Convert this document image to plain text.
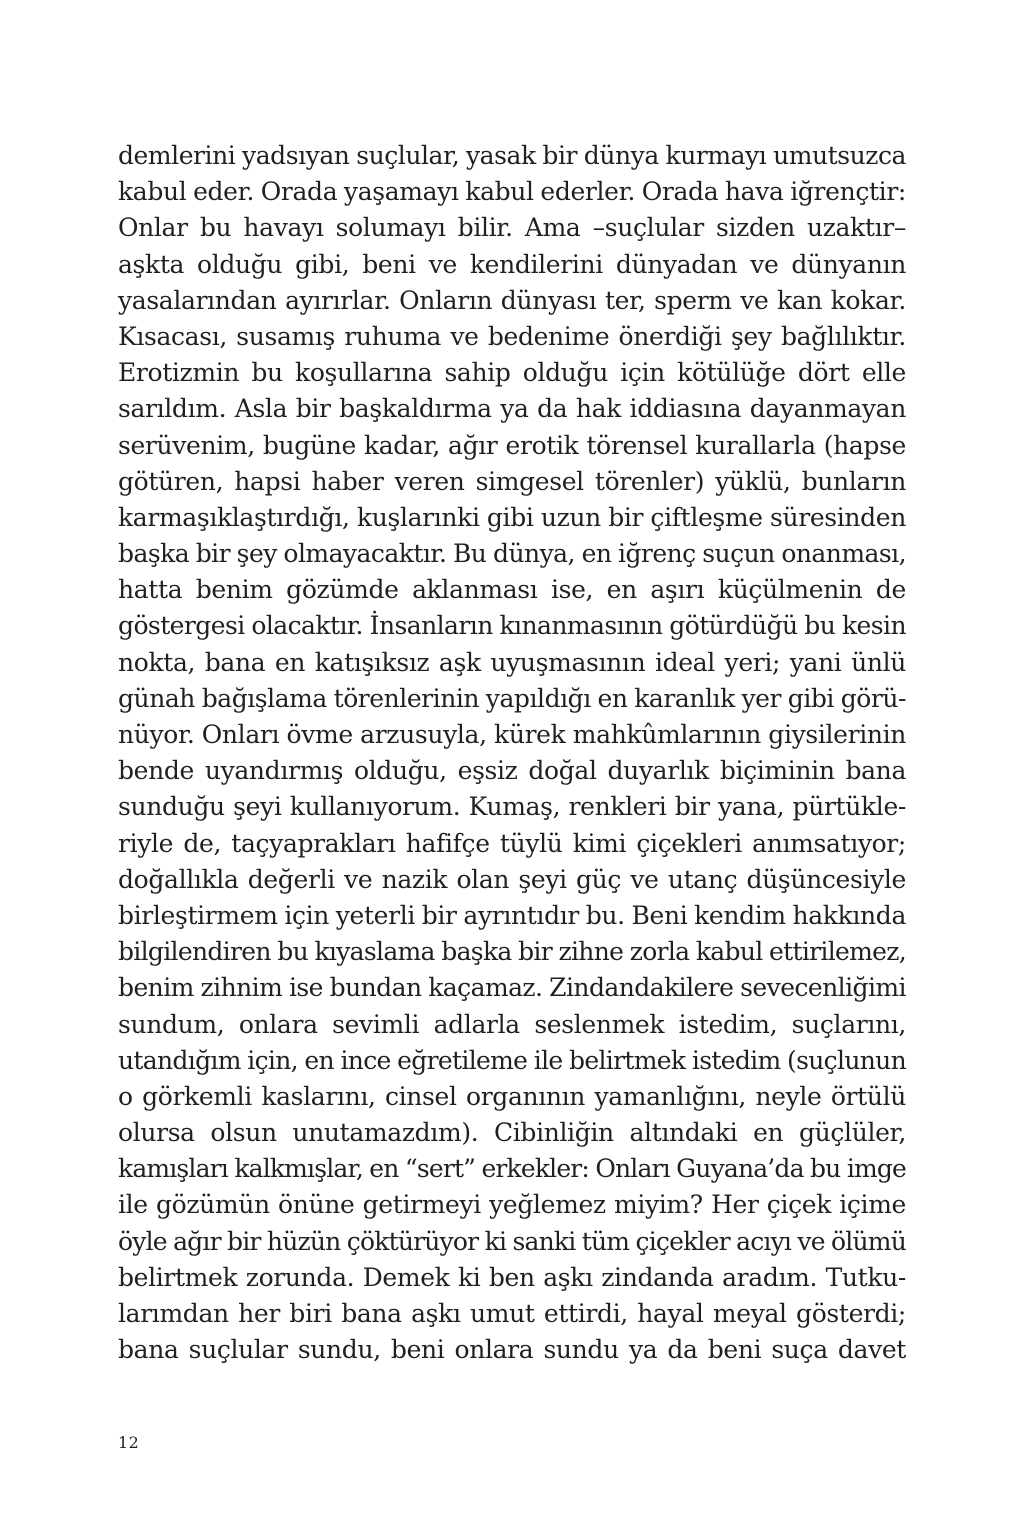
demlerini yadsıyan suçlular, yasak bir dünya kurmayı umutsuzca
kabul eder. Orada yaşamayı kabul ederler. Orada hava iğrençtir:
Onlar bu havayı solumayı bilir. Ama –suçlular sizden uzaktır–
aşkta olduğu gibi, beni ve kendilerini dünyadan ve dünyanın
yasalarından ayırırlar. Onların dünyası ter, sperm ve kan kokar.
Kısacası, susamış ruhuma ve bedenime önerdiği şey bağlılıktır.
Erotizmin bu koşullarına sahip olduğu için kötülüğe dört elle
sarıldım. Asla bir başkaldırma ya da hak iddiasına dayanmayan
serüvenim, bugüne kadar, ağır erotik törensel kurallarla (hapse
götüren, hapsi haber veren simgesel törenler) yüklü, bunların
karmaşıklaştırdığı, kuşlarınki gibi uzun bir çiftleşme süresinden
başka bir şey olmayacaktır. Bu dünya, en iğrenç suçun onanması,
hatta benim gözümde aklanması ise, en aşırı küçülmenin de
göstergesi olacaktır. İnsanların kınanmasının götürdüğü bu kesin
nokta, bana en katışıksız aşk uyuşmasının ideal yeri; yani ünlü
günah bağışlama törenlerinin yapıldığı en karanlık yer gibi görü-
nüyor. Onları övme arzusuyla, kürek mahkûmlarının giysilerinin
bende uyandırmış olduğu, eşsiz doğal duyarlık biçiminin bana
sunduğu şeyi kullanıyorum. Kumaş, renkleri bir yana, pürtükle-
riyle de, taçyaprakları hafifçe tüylü kimi çiçekleri anımsatıyor;
doğallıkla değerli ve nazik olan şeyi güç ve utanç düşüncesiyle
birleştirmem için yeterli bir ayrıntıdır bu. Beni kendim hakkında
bilgilendiren bu kıyaslama başka bir zihne zorla kabul ettirilemez,
benim zihnim ise bundan kaçamaz. Zindandakilere sevecenliğimi
sundum, onlara sevimli adlarla seslenmek istedim, suçlarını,
utandığım için, en ince eğretileme ile belirtmek istedim (suçlunun
o görkemli kaslarını, cinsel organının yamanlığını, neyle örtülü
olursa olsun unutamazdım). Cibinliğin altındaki en güçlüler,
kamışları kalkmışlar, en “sert” erkekler: Onları Guyana’da bu imge
ile gözümün önüne getirmeyi yeğlemez miyim? Her çiçek içime
öyle ağır bir hüzün çöktürüyor ki sanki tüm çiçekler acıyı ve ölümü
belirtmek zorunda. Demek ki ben aşkı zindanda aradım. Tutku-
larımdan her biri bana aşkı umut ettirdi, hayal meyal gösterdi;
bana suçlular sundu, beni onlara sundu ya da beni suça davet
12
